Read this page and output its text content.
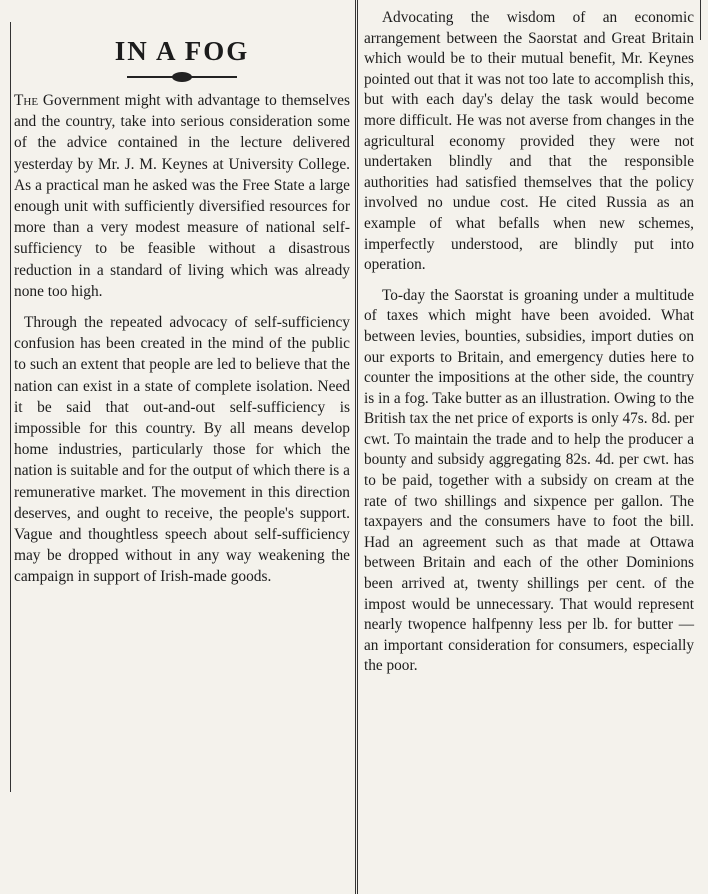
IN A FOG

The Government might with advantage to themselves and the country, take into serious consideration some of the advice contained in the lecture delivered yesterday by Mr. J. M. Keynes at University College. As a practical man he asked was the Free State a large enough unit with sufficiently diversified resources for more than a very modest measure of national self-sufficiency to be feasible without a disastrous reduction in a standard of living which was already none too high.

Through the repeated advocacy of self-sufficiency confusion has been created in the mind of the public to such an extent that people are led to believe that the nation can exist in a state of complete isolation. Need it be said that out-and-out self-sufficiency is impossible for this country. By all means develop home industries, particularly those for which the nation is suitable and for the output of which there is a remunerative market. The movement in this direction deserves, and ought to receive, the people's support. Vague and thoughtless speech about self-sufficiency may be dropped without in any way weakening the campaign in support of Irish-made goods.

Advocating the wisdom of an economic arrangement between the Saorstat and Great Britain which would be to their mutual benefit, Mr. Keynes pointed out that it was not too late to accomplish this, but with each day's delay the task would become more difficult. He was not averse from changes in the agricultural economy provided they were not undertaken blindly and that the responsible authorities had satisfied themselves that the policy involved no undue cost. He cited Russia as an example of what befalls when new schemes, imperfectly understood, are blindly put into operation.

To-day the Saorstat is groaning under a multitude of taxes which might have been avoided. What between levies, bounties, subsidies, import duties on our exports to Britain, and emergency duties here to counter the impositions at the other side, the country is in a fog. Take butter as an illustration. Owing to the British tax the net price of exports is only 47s. 8d. per cwt. To maintain the trade and to help the producer a bounty and subsidy aggregating 82s. 4d. per cwt. has to be paid, together with a subsidy on cream at the rate of two shillings and sixpence per gallon. The taxpayers and the consumers have to foot the bill. Had an agreement such as that made at Ottawa between Britain and each of the other Dominions been arrived at, twenty shillings per cent. of the impost would be unnecessary. That would represent nearly twopence halfpenny less per lb. for butter — an important consideration for consumers, especially the poor.
